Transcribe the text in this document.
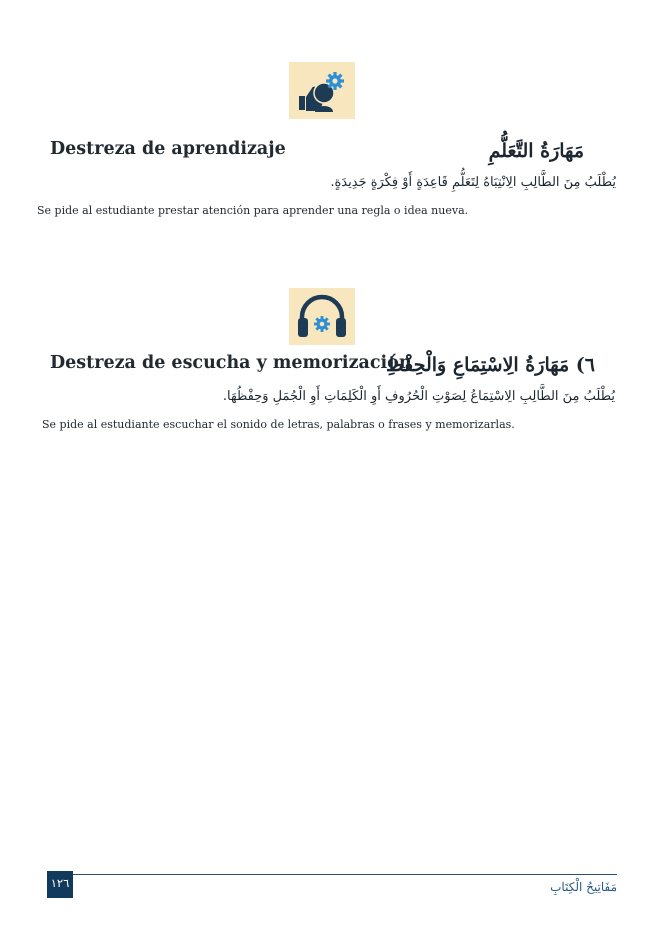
Destreza de aprendizaje	مَهَارَةُ التَّعَلُّمِ
يُطْلَبُ مِنَ الطَّالِبِ الِانْتِبَاهُ لِتَعَلُّمِ قَاعِدَةٍ أَوْ فِكْرَةٍ جَدِيدَةٍ.
Se pide al estudiante prestar atención para aprender una regla o idea nueva.
Destreza de escucha y memorización
٦) مَهَارَةُ الِاسْتِمَاعِ وَالْحِفْظِ
يُطْلَبُ مِنَ الطَّالِبِ الِاسْتِمَاعُ لِصَوْتِ الْحُرُوفِ أَوِ الْكَلِمَاتِ أَوِ الْجُمَلِ وَحِفْظُهَا.
Se pide al estudiante escuchar el sonido de letras, palabras o frases y memorizarlas.
١٢٦	مَفَاتِيحُ الْكِتَابِ
